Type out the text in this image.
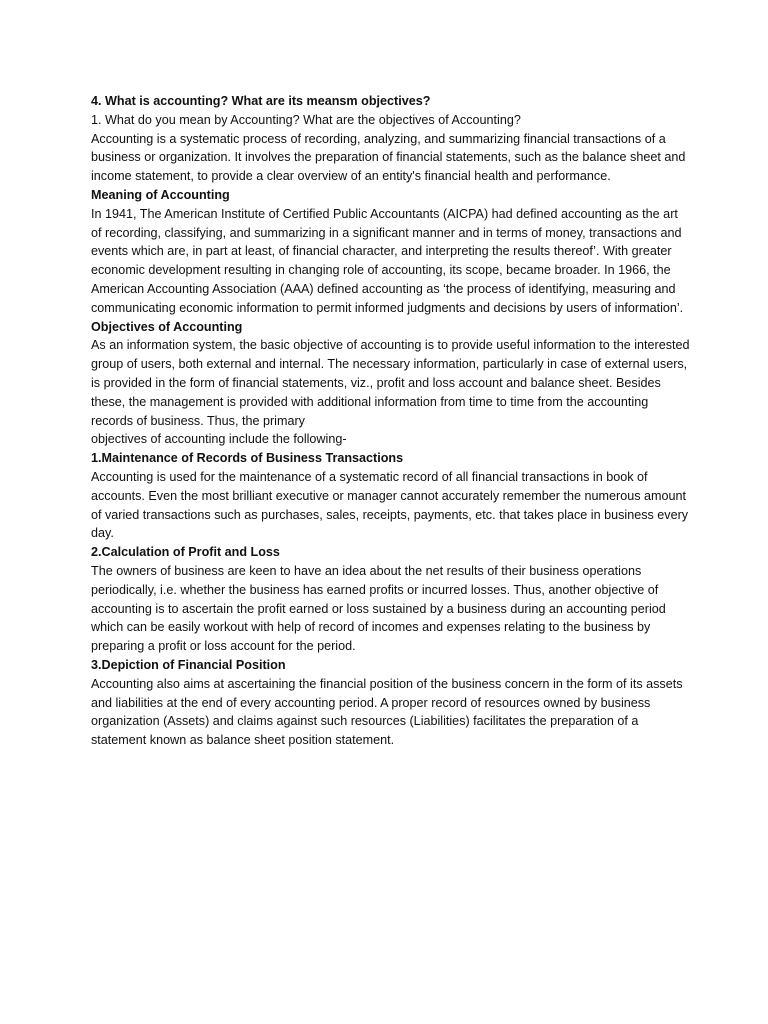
4. What is accounting? What are its meansm objectives?

1. What do you mean by Accounting? What are the objectives of Accounting?

Accounting is a systematic process of recording, analyzing, and summarizing financial transactions of a business or organization. It involves the preparation of financial statements, such as the balance sheet and income statement, to provide a clear overview of an entity's financial health and performance.

Meaning of Accounting

In 1941, The American Institute of Certified Public Accountants (AICPA) had defined accounting as the art of recording, classifying, and summarizing in a significant manner and in terms of money, transactions and events which are, in part at least, of financial character, and interpreting the results thereof’. With greater economic development resulting in changing role of accounting, its scope, became broader. In 1966, the American Accounting Association (AAA) defined accounting as ‘the process of identifying, measuring and communicating economic information to permit informed judgments and decisions by users of information’.

Objectives of Accounting

As an information system, the basic objective of accounting is to provide useful information to the interested group of users, both external and internal. The necessary information, particularly in case of external users, is provided in the form of financial statements, viz., profit and loss account and balance sheet. Besides these, the management is provided with additional information from time to time from the accounting records of business. Thus, the primary

objectives of accounting include the following-

1.Maintenance of Records of Business Transactions

Accounting is used for the maintenance of a systematic record of all financial transactions in book of accounts. Even the most brilliant executive or manager cannot accurately remember the numerous amount of varied transactions such as purchases, sales, receipts, payments, etc. that takes place in business every day.

2.Calculation of Profit and Loss

The owners of business are keen to have an idea about the net results of their business operations periodically, i.e. whether the business has earned profits or incurred losses. Thus, another objective of accounting is to ascertain the profit earned or loss sustained by a business during an accounting period which can be easily workout with help of record of incomes and expenses relating to the business by preparing a profit or loss account for the period.

3.Depiction of Financial Position

Accounting also aims at ascertaining the financial position of the business concern in the form of its assets and liabilities at the end of every accounting period. A proper record of resources owned by business organization (Assets) and claims against such resources (Liabilities) facilitates the preparation of a statement known as balance sheet position statement.
